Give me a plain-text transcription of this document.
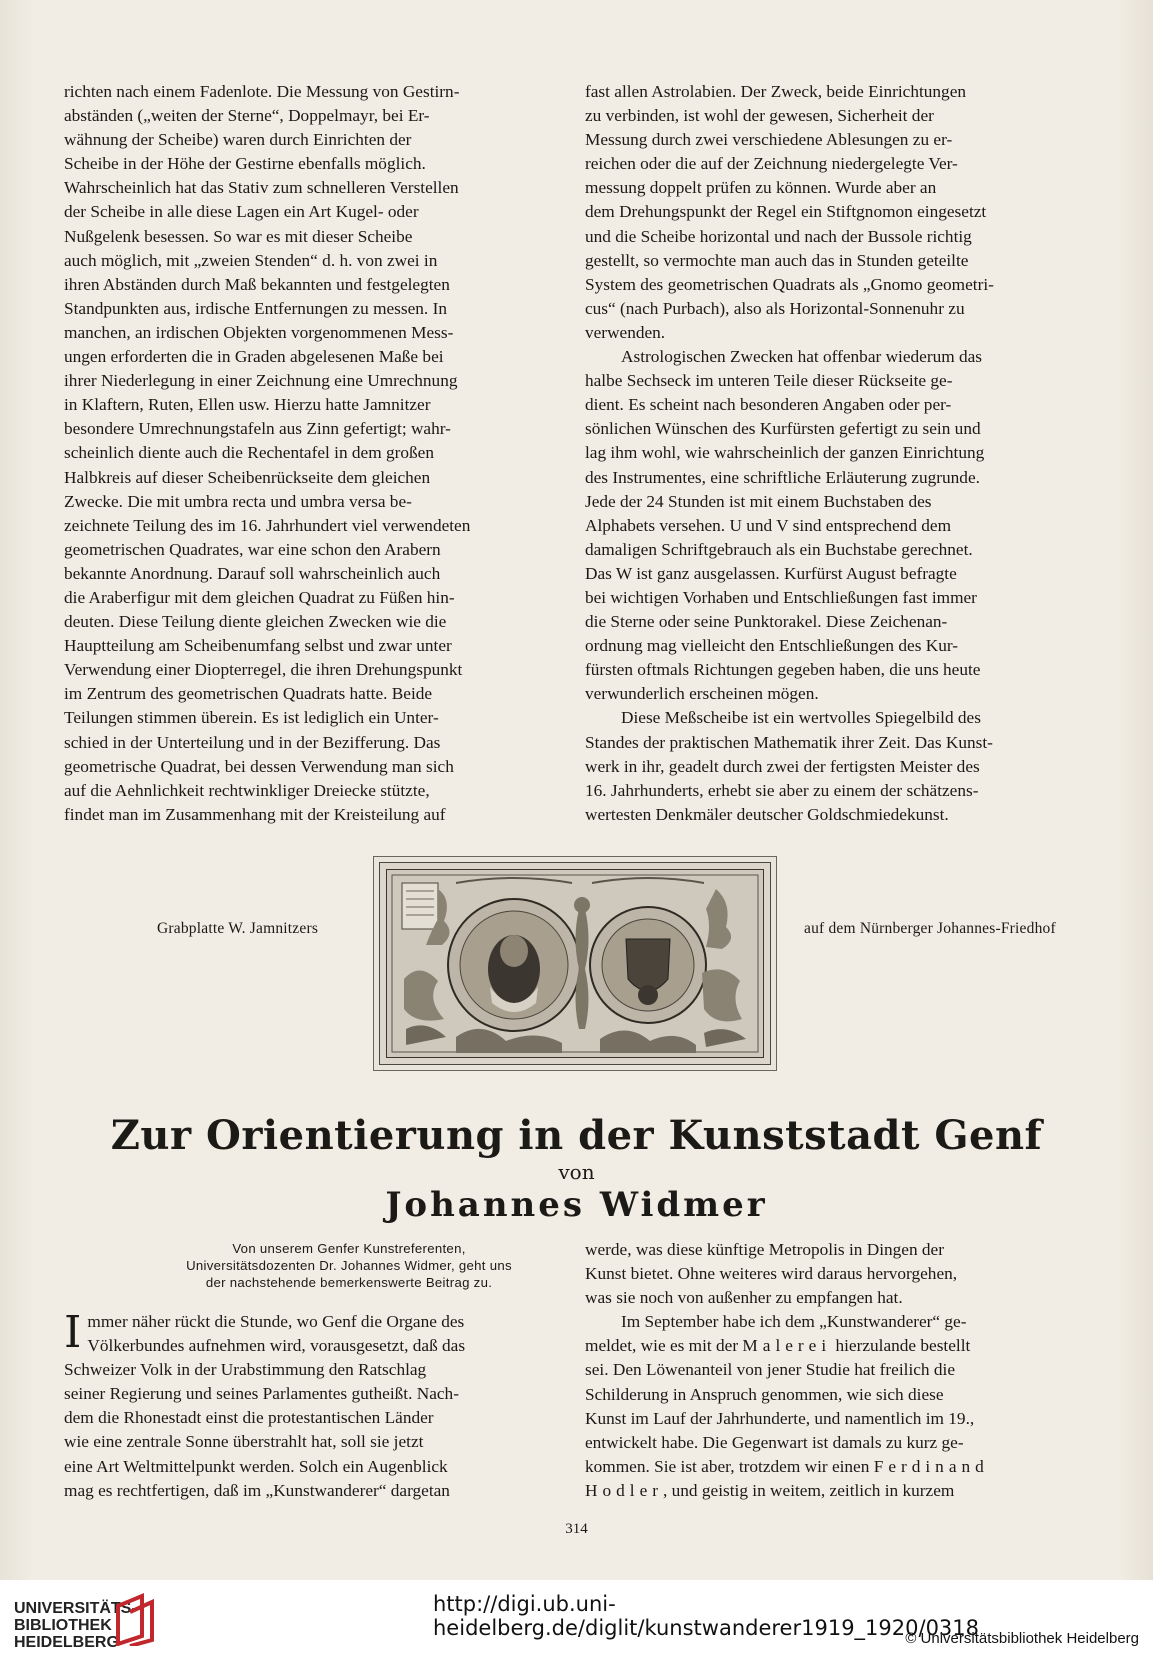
richten nach einem Fadenlote. Die Messung von Gestirn-
abständen („weiten der Sterne“, Doppelmayr, bei Er-
wähnung der Scheibe) waren durch Einrichten der
Scheibe in der Höhe der Gestirne ebenfalls möglich.
Wahrscheinlich hat das Stativ zum schnelleren Verstellen
der Scheibe in alle diese Lagen ein Art Kugel- oder
Nußgelenk besessen. So war es mit dieser Scheibe
auch möglich, mit „zweien Stenden“ d. h. von zwei in
ihren Abständen durch Maß bekannten und festgelegten
Standpunkten aus, irdische Entfernungen zu messen. In
manchen, an irdischen Objekten vorgenommenen Mess-
ungen erforderten die in Graden abgelesenen Maße bei
ihrer Niederlegung in einer Zeichnung eine Umrechnung
in Klaftern, Ruten, Ellen usw. Hierzu hatte Jamnitzer
besondere Umrechnungstafeln aus Zinn gefertigt; wahr-
scheinlich diente auch die Rechentafel in dem großen
Halbkreis auf dieser Scheibenrückseite dem gleichen
Zwecke. Die mit umbra recta und umbra versa be-
zeichnete Teilung des im 16. Jahrhundert viel verwendeten
geometrischen Quadrates, war eine schon den Arabern
bekannte Anordnung. Darauf soll wahrscheinlich auch
die Araberfigur mit dem gleichen Quadrat zu Füßen hin-
deuten. Diese Teilung diente gleichen Zwecken wie die
Hauptteilung am Scheibenumfang selbst und zwar unter
Verwendung einer Diopterregel, die ihren Drehungspunkt
im Zentrum des geometrischen Quadrats hatte. Beide
Teilungen stimmen überein. Es ist lediglich ein Unter-
schied in der Unterteilung und in der Bezifferung. Das
geometrische Quadrat, bei dessen Verwendung man sich
auf die Aehnlichkeit rechtwinkliger Dreiecke stützte,
findet man im Zusammenhang mit der Kreisteilung auf

fast allen Astrolabien. Der Zweck, beide Einrichtungen
zu verbinden, ist wohl der gewesen, Sicherheit der
Messung durch zwei verschiedene Ablesungen zu er-
reichen oder die auf der Zeichnung niedergelegte Ver-
messung doppelt prüfen zu können. Wurde aber an
dem Drehungspunkt der Regel ein Stiftgnomon eingesetzt
und die Scheibe horizontal und nach der Bussole richtig
gestellt, so vermochte man auch das in Stunden geteilte
System des geometrischen Quadrats als „Gnomo geometri-
cus“ (nach Purbach), also als Horizontal-Sonnenuhr zu
verwenden.

Astrologischen Zwecken hat offenbar wiederum das
halbe Sechseck im unteren Teile dieser Rückseite ge-
dient. Es scheint nach besonderen Angaben oder per-
sönlichen Wünschen des Kurfürsten gefertigt zu sein und
lag ihm wohl, wie wahrscheinlich der ganzen Einrichtung
des Instrumentes, eine schriftliche Erläuterung zugrunde.
Jede der 24 Stunden ist mit einem Buchstaben des
Alphabets versehen. U und V sind entsprechend dem
damaligen Schriftgebrauch als ein Buchstabe gerechnet.
Das W ist ganz ausgelassen. Kurfürst August befragte
bei wichtigen Vorhaben und Entschließungen fast immer
die Sterne oder seine Punktorakel. Diese Zeichenan-
ordnung mag vielleicht den Entschließungen des Kur-
fürsten oftmals Richtungen gegeben haben, die uns heute
verwunderlich erscheinen mögen.

Diese Meßscheibe ist ein wertvolles Spiegelbild des
Standes der praktischen Mathematik ihrer Zeit. Das Kunst-
werk in ihr, geadelt durch zwei der fertigsten Meister des
16. Jahrhunderts, erhebt sie aber zu einem der schätzens-
wertesten Denkmäler deutscher Goldschmiedekunst.

Grabplatte W. Jamnitzers	auf dem Nürnberger Johannes-Friedhof
Zur Orientierung in der Kunststadt Genf
von
Johannes Widmer
Von unserem Genfer Kunstreferenten,
Universitätsdozenten Dr. Johannes Widmer, geht uns
der nachstehende bemerkenswerte Beitrag zu.

I mmer näher rückt die Stunde, wo Genf die Organe des
Völkerbundes aufnehmen wird, vorausgesetzt, daß das
Schweizer Volk in der Urabstimmung den Ratschlag
seiner Regierung und seines Parlamentes gutheißt. Nach-
dem die Rhonestadt einst die protestantischen Länder
wie eine zentrale Sonne überstrahlt hat, soll sie jetzt
eine Art Weltmittelpunkt werden. Solch ein Augenblick
mag es rechtfertigen, daß im „Kunstwanderer“ dargetan

werde, was diese künftige Metropolis in Dingen der
Kunst bietet. Ohne weiteres wird daraus hervorgehen,
was sie noch von außenher zu empfangen hat.

Im September habe ich dem „Kunstwanderer“ ge-
meldet, wie es mit der Malerei hierzulande bestellt
sei. Den Löwenanteil von jener Studie hat freilich die
Schilderung in Anspruch genommen, wie sich diese
Kunst im Lauf der Jahrhunderte, und namentlich im 19.,
entwickelt habe. Die Gegenwart ist damals zu kurz ge-
kommen. Sie ist aber, trotzdem wir einen Ferdinand
Hodler, und geistig in weitem, zeitlich in kurzem

314
UNIVERSITÄTS-
BIBLIOTHEK
HEIDELBERG
http://digi.ub.uni-heidelberg.de/diglit/kunstwanderer1919_1920/0318
© Universitätsbibliothek Heidelberg
